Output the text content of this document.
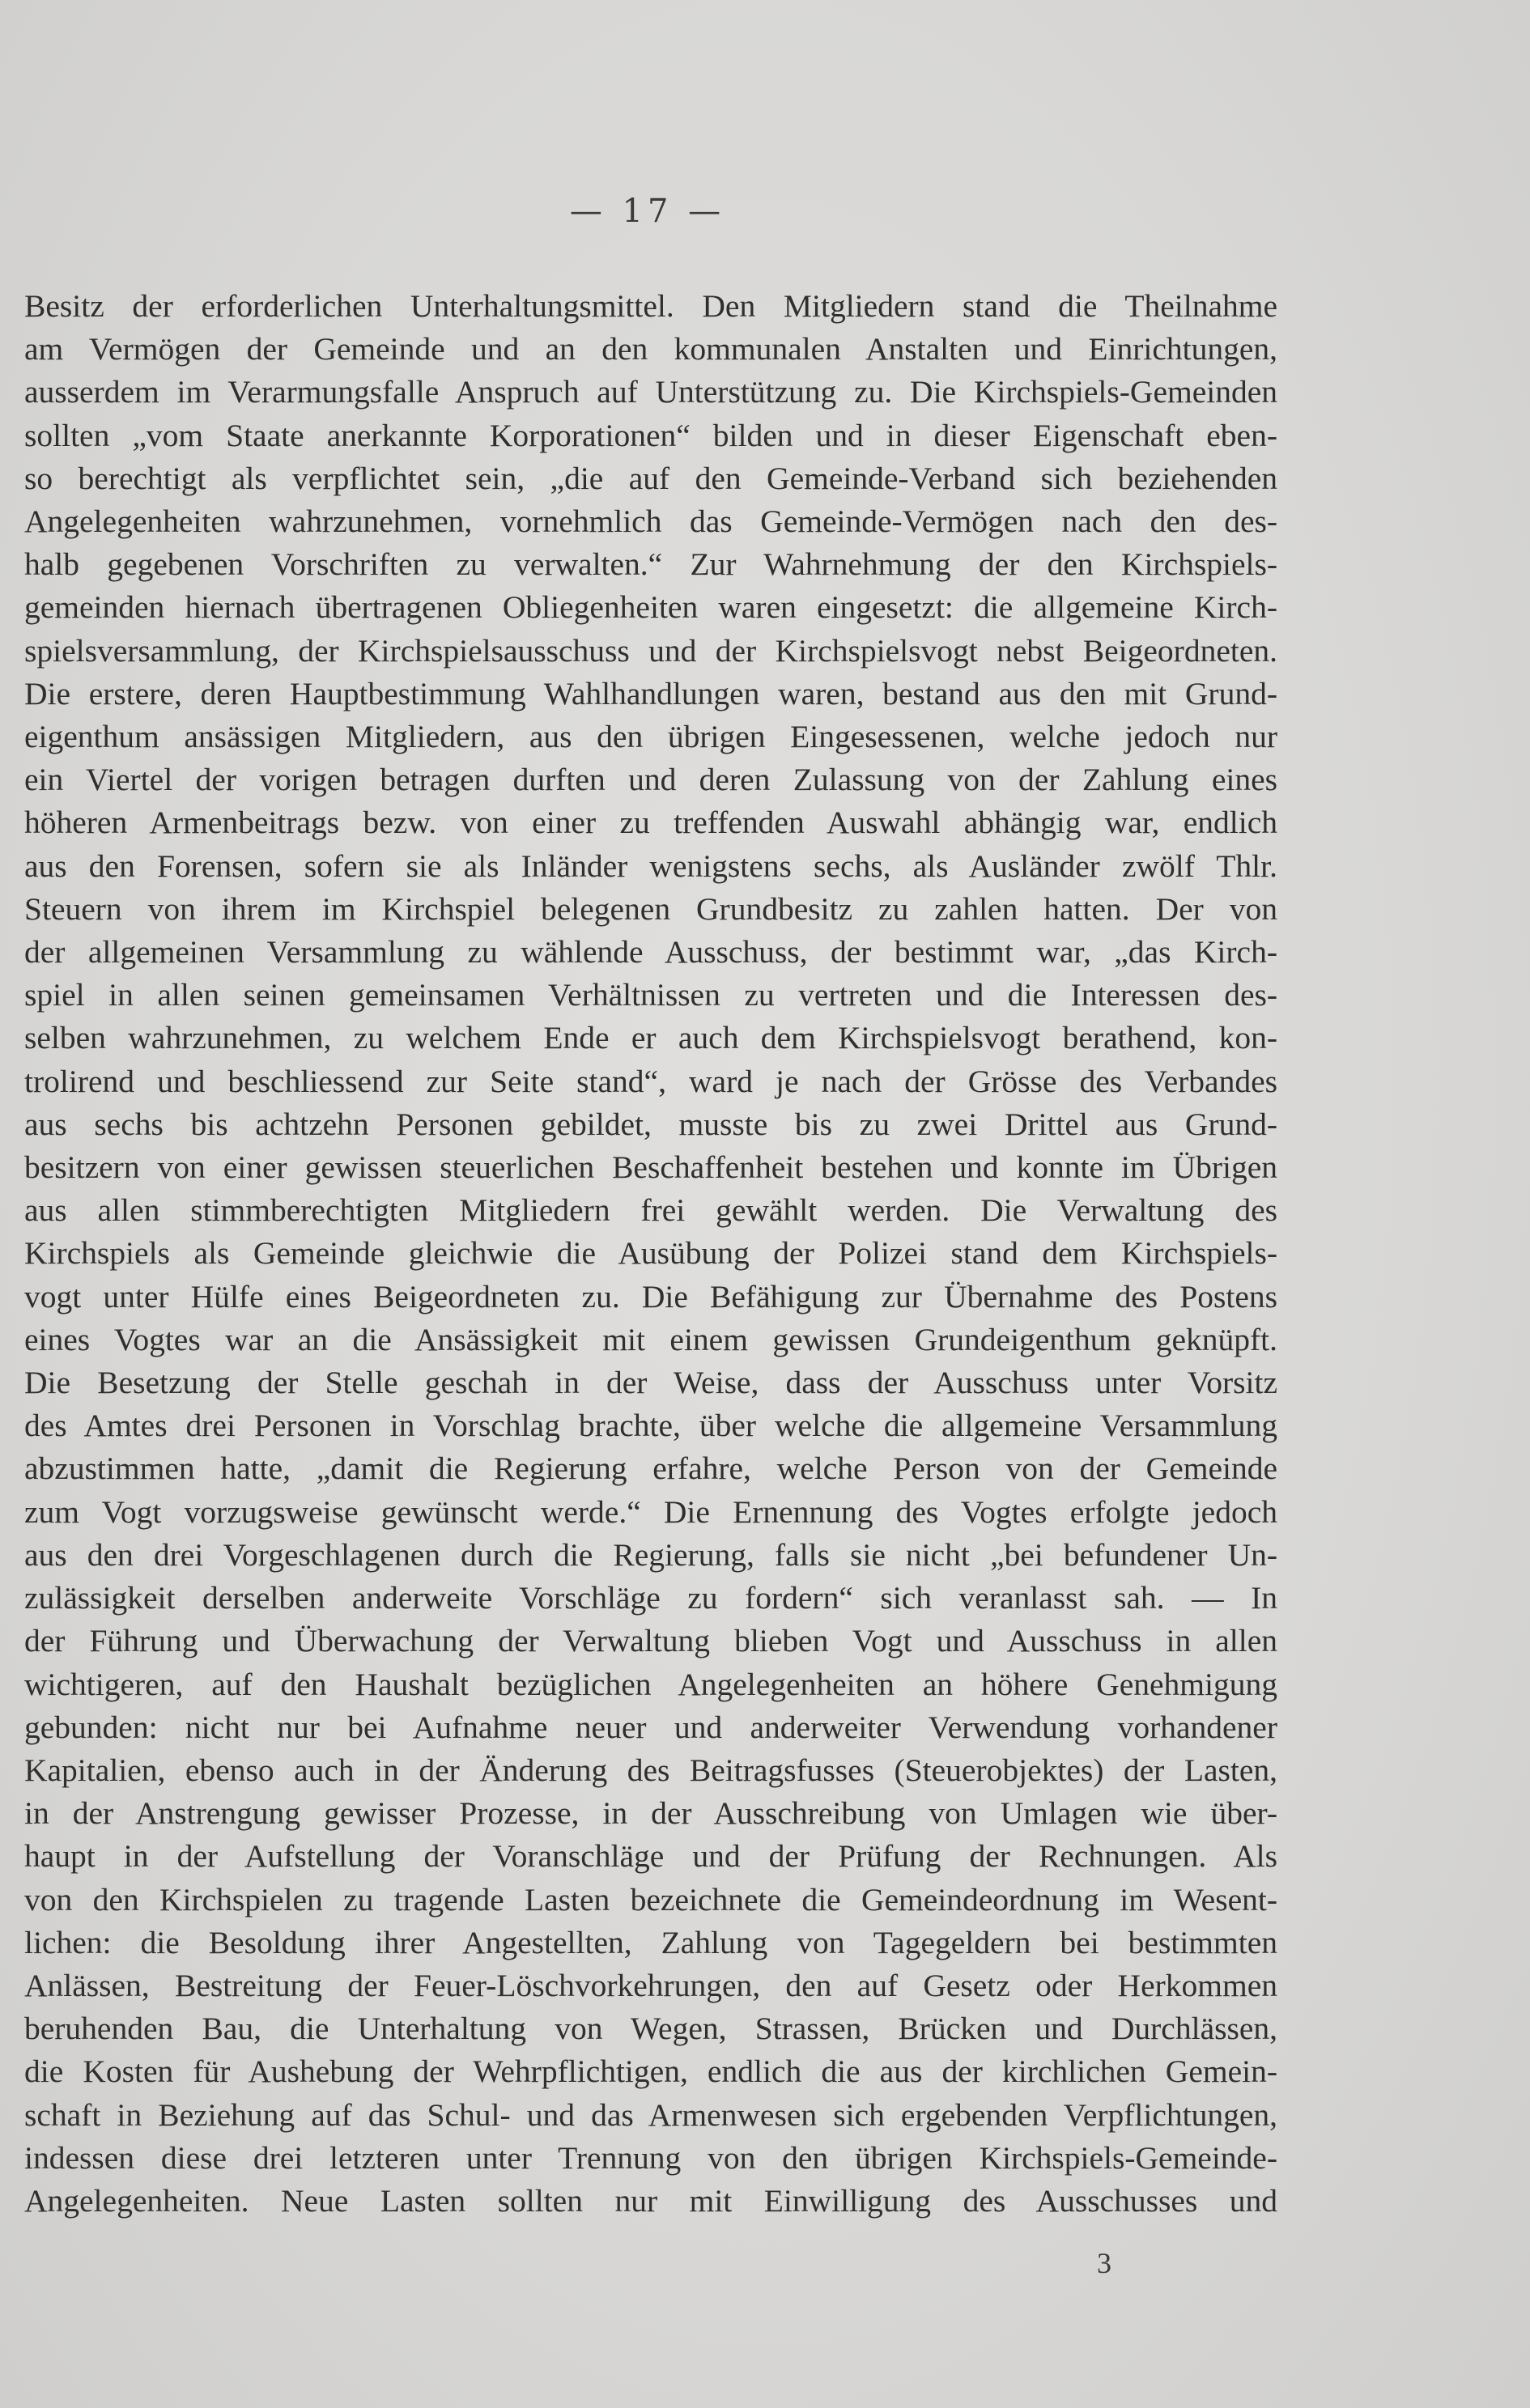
— 17 —
Besitz der erforderlichen Unterhaltungsmittel. Den Mitgliedern stand die Theilnahme
am Vermögen der Gemeinde und an den kommunalen Anstalten und Einrichtungen,
ausserdem im Verarmungsfalle Anspruch auf Unterstützung zu. Die Kirchspiels-Gemeinden
sollten „vom Staate anerkannte Korporationen“ bilden und in dieser Eigenschaft eben-
so berechtigt als verpflichtet sein, „die auf den Gemeinde-Verband sich beziehenden
Angelegenheiten wahrzunehmen, vornehmlich das Gemeinde-Vermögen nach den des-
halb gegebenen Vorschriften zu verwalten.“ Zur Wahrnehmung der den Kirchspiels-
gemeinden hiernach übertragenen Obliegenheiten waren eingesetzt: die allgemeine Kirch-
spielsversammlung, der Kirchspielsausschuss und der Kirchspielsvogt nebst Beigeordneten.
Die erstere, deren Hauptbestimmung Wahlhandlungen waren, bestand aus den mit Grund-
eigenthum ansässigen Mitgliedern, aus den übrigen Eingesessenen, welche jedoch nur
ein Viertel der vorigen betragen durften und deren Zulassung von der Zahlung eines
höheren Armenbeitrags bezw. von einer zu treffenden Auswahl abhängig war, endlich
aus den Forensen, sofern sie als Inländer wenigstens sechs, als Ausländer zwölf Thlr.
Steuern von ihrem im Kirchspiel belegenen Grundbesitz zu zahlen hatten. Der von
der allgemeinen Versammlung zu wählende Ausschuss, der bestimmt war, „das Kirch-
spiel in allen seinen gemeinsamen Verhältnissen zu vertreten und die Interessen des-
selben wahrzunehmen, zu welchem Ende er auch dem Kirchspielsvogt berathend, kon-
trolirend und beschliessend zur Seite stand“, ward je nach der Grösse des Verbandes
aus sechs bis achtzehn Personen gebildet, musste bis zu zwei Drittel aus Grund-
besitzern von einer gewissen steuerlichen Beschaffenheit bestehen und konnte im Übrigen
aus allen stimmberechtigten Mitgliedern frei gewählt werden. Die Verwaltung des
Kirchspiels als Gemeinde gleichwie die Ausübung der Polizei stand dem Kirchspiels-
vogt unter Hülfe eines Beigeordneten zu. Die Befähigung zur Übernahme des Postens
eines Vogtes war an die Ansässigkeit mit einem gewissen Grundeigenthum geknüpft.
Die Besetzung der Stelle geschah in der Weise, dass der Ausschuss unter Vorsitz
des Amtes drei Personen in Vorschlag brachte, über welche die allgemeine Versammlung
abzustimmen hatte, „damit die Regierung erfahre, welche Person von der Gemeinde
zum Vogt vorzugsweise gewünscht werde.“ Die Ernennung des Vogtes erfolgte jedoch
aus den drei Vorgeschlagenen durch die Regierung, falls sie nicht „bei befundener Un-
zulässigkeit derselben anderweite Vorschläge zu fordern“ sich veranlasst sah. — In
der Führung und Überwachung der Verwaltung blieben Vogt und Ausschuss in allen
wichtigeren, auf den Haushalt bezüglichen Angelegenheiten an höhere Genehmigung
gebunden: nicht nur bei Aufnahme neuer und anderweiter Verwendung vorhandener
Kapitalien, ebenso auch in der Änderung des Beitragsfusses (Steuerobjektes) der Lasten,
in der Anstrengung gewisser Prozesse, in der Ausschreibung von Umlagen wie über-
haupt in der Aufstellung der Voranschläge und der Prüfung der Rechnungen. Als
von den Kirchspielen zu tragende Lasten bezeichnete die Gemeindeordnung im Wesent-
lichen: die Besoldung ihrer Angestellten, Zahlung von Tagegeldern bei bestimmten
Anlässen, Bestreitung der Feuer-Löschvorkehrungen, den auf Gesetz oder Herkommen
beruhenden Bau, die Unterhaltung von Wegen, Strassen, Brücken und Durchlässen,
die Kosten für Aushebung der Wehrpflichtigen, endlich die aus der kirchlichen Gemein-
schaft in Beziehung auf das Schul- und das Armenwesen sich ergebenden Verpflichtungen,
indessen diese drei letzteren unter Trennung von den übrigen Kirchspiels-Gemeinde-
Angelegenheiten. Neue Lasten sollten nur mit Einwilligung des Ausschusses und
3
